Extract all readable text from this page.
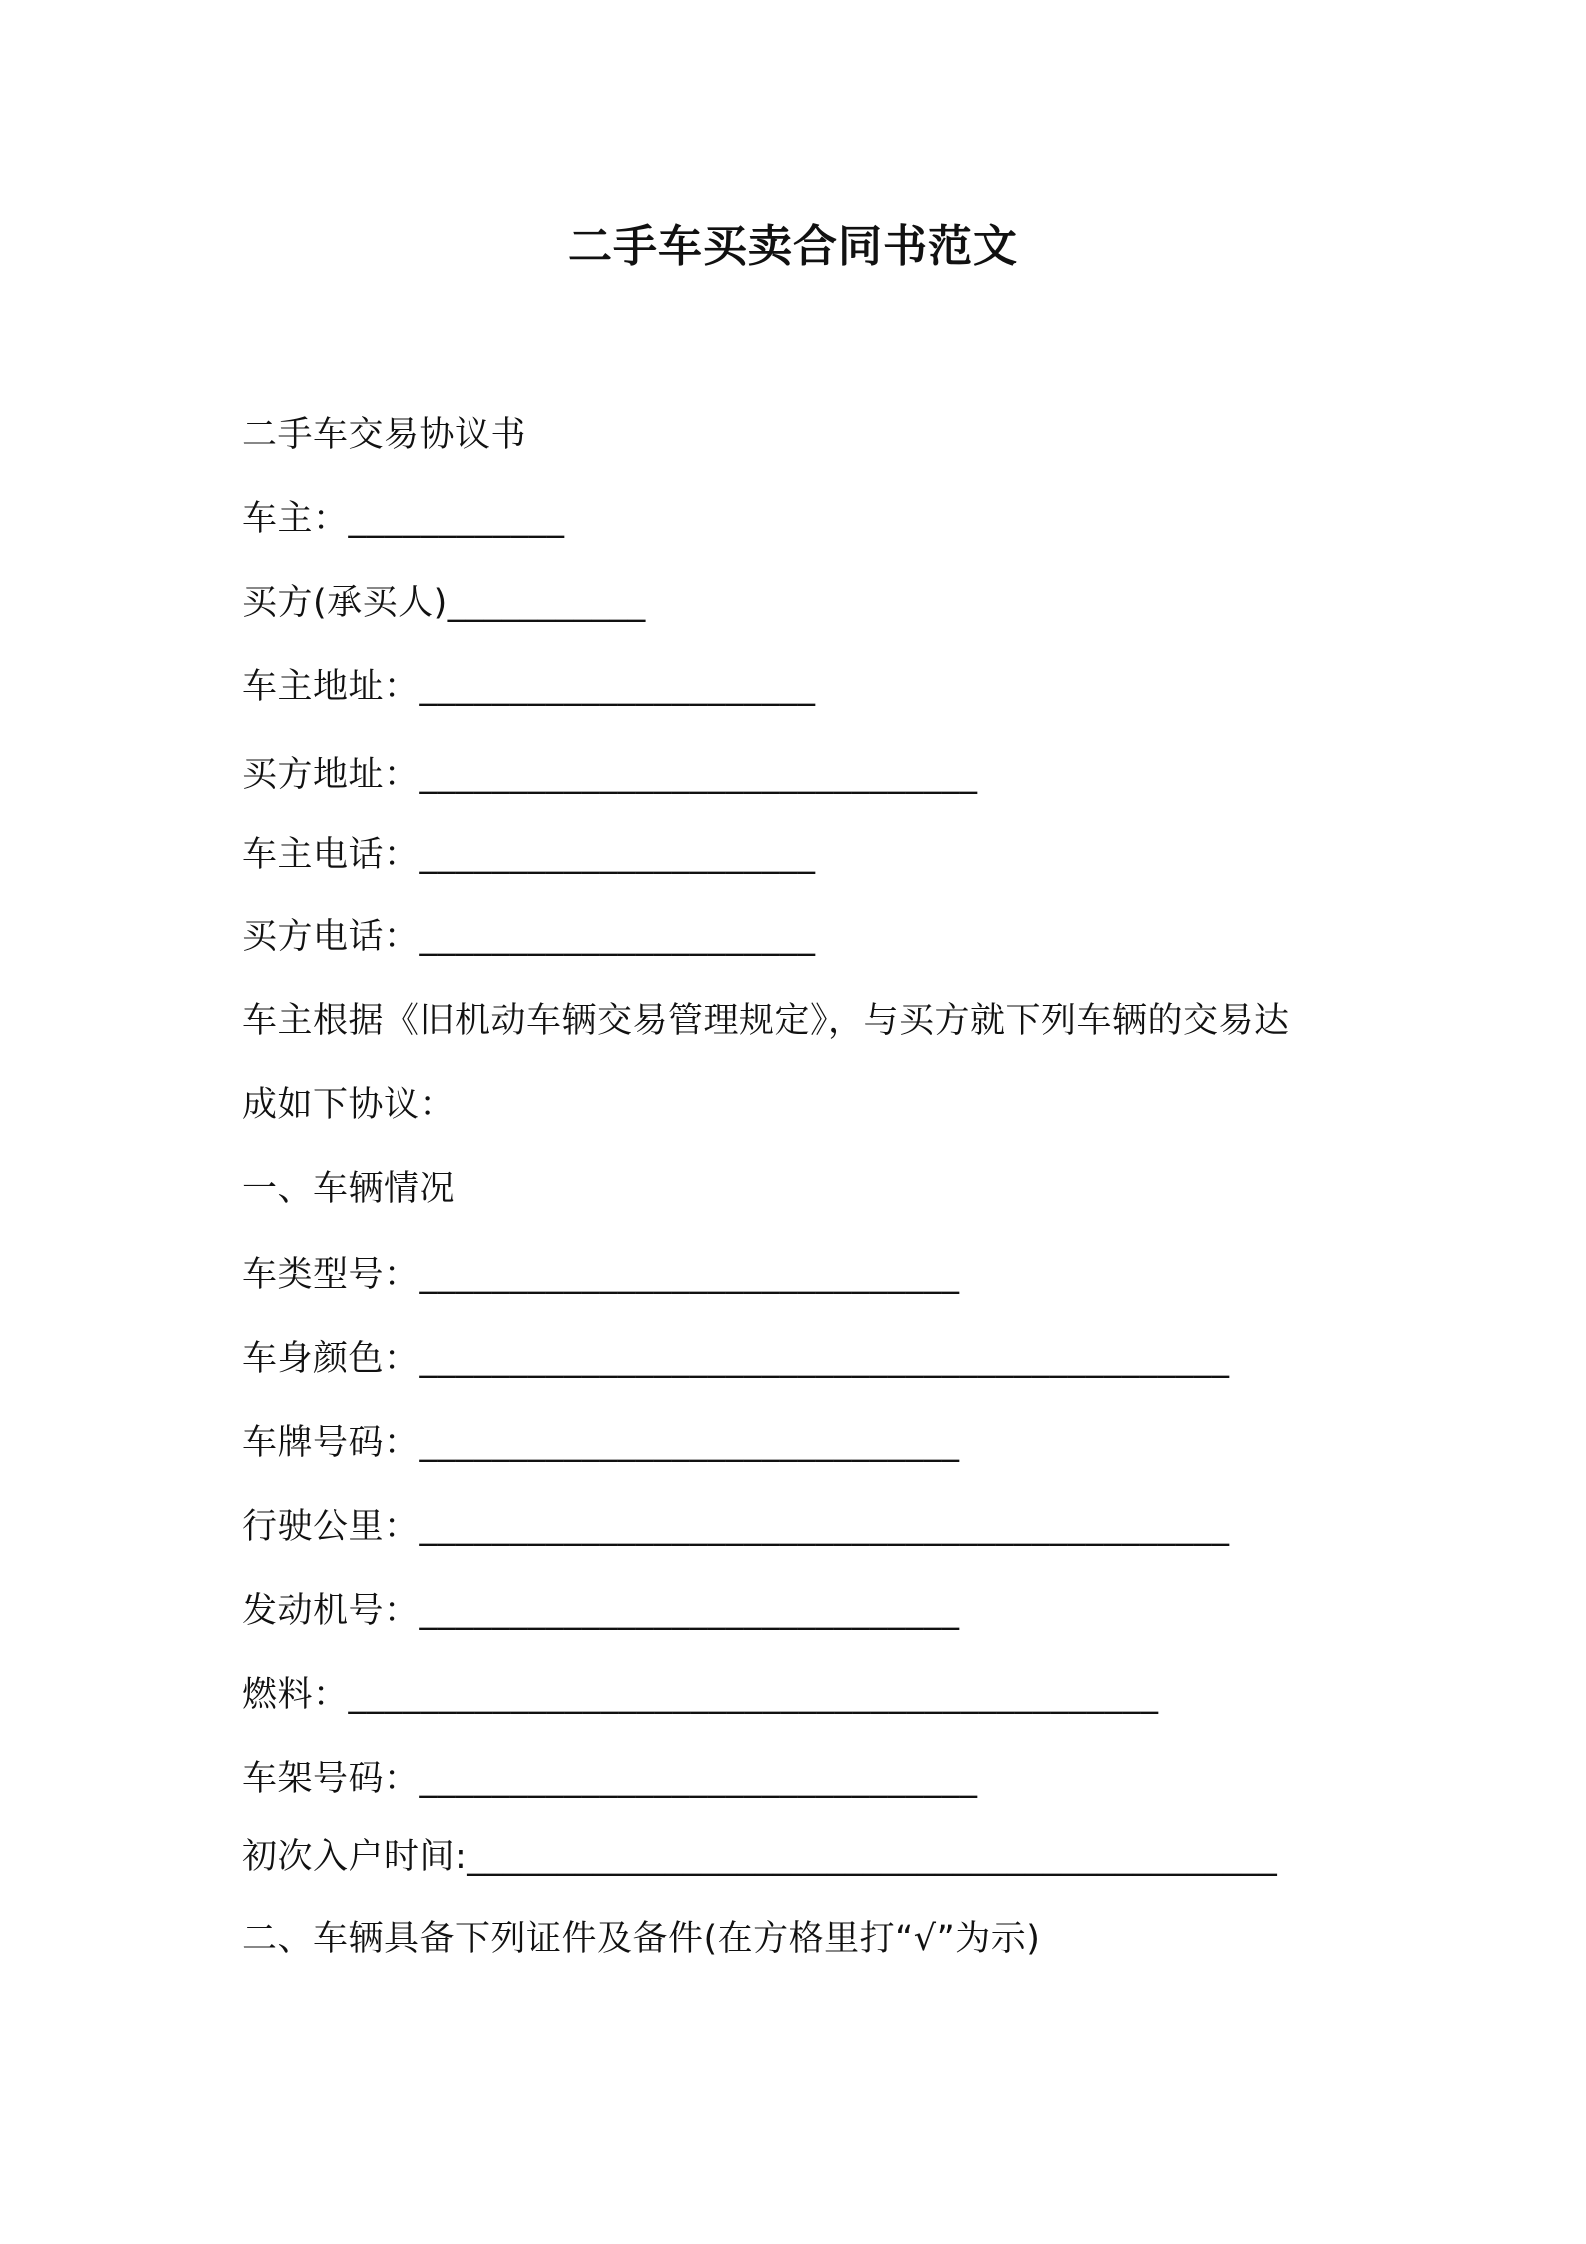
二手车买卖合同书范文
二手车交易协议书
车主：____________
买方(承买人)___________
车主地址：______________________
买方地址：_______________________________
车主电话：______________________
买方电话：______________________
车主根据《旧机动车辆交易管理规定》，与买方就下列车辆的交易达
成如下协议：
一、车辆情况
车类型号：______________________________
车身颜色：_____________________________________________
车牌号码：______________________________
行驶公里：_____________________________________________
发动机号：______________________________
燃料：_____________________________________________
车架号码：_______________________________
初次入户时间:_____________________________________________
二、车辆具备下列证件及备件(在方格里打“√”为示)
